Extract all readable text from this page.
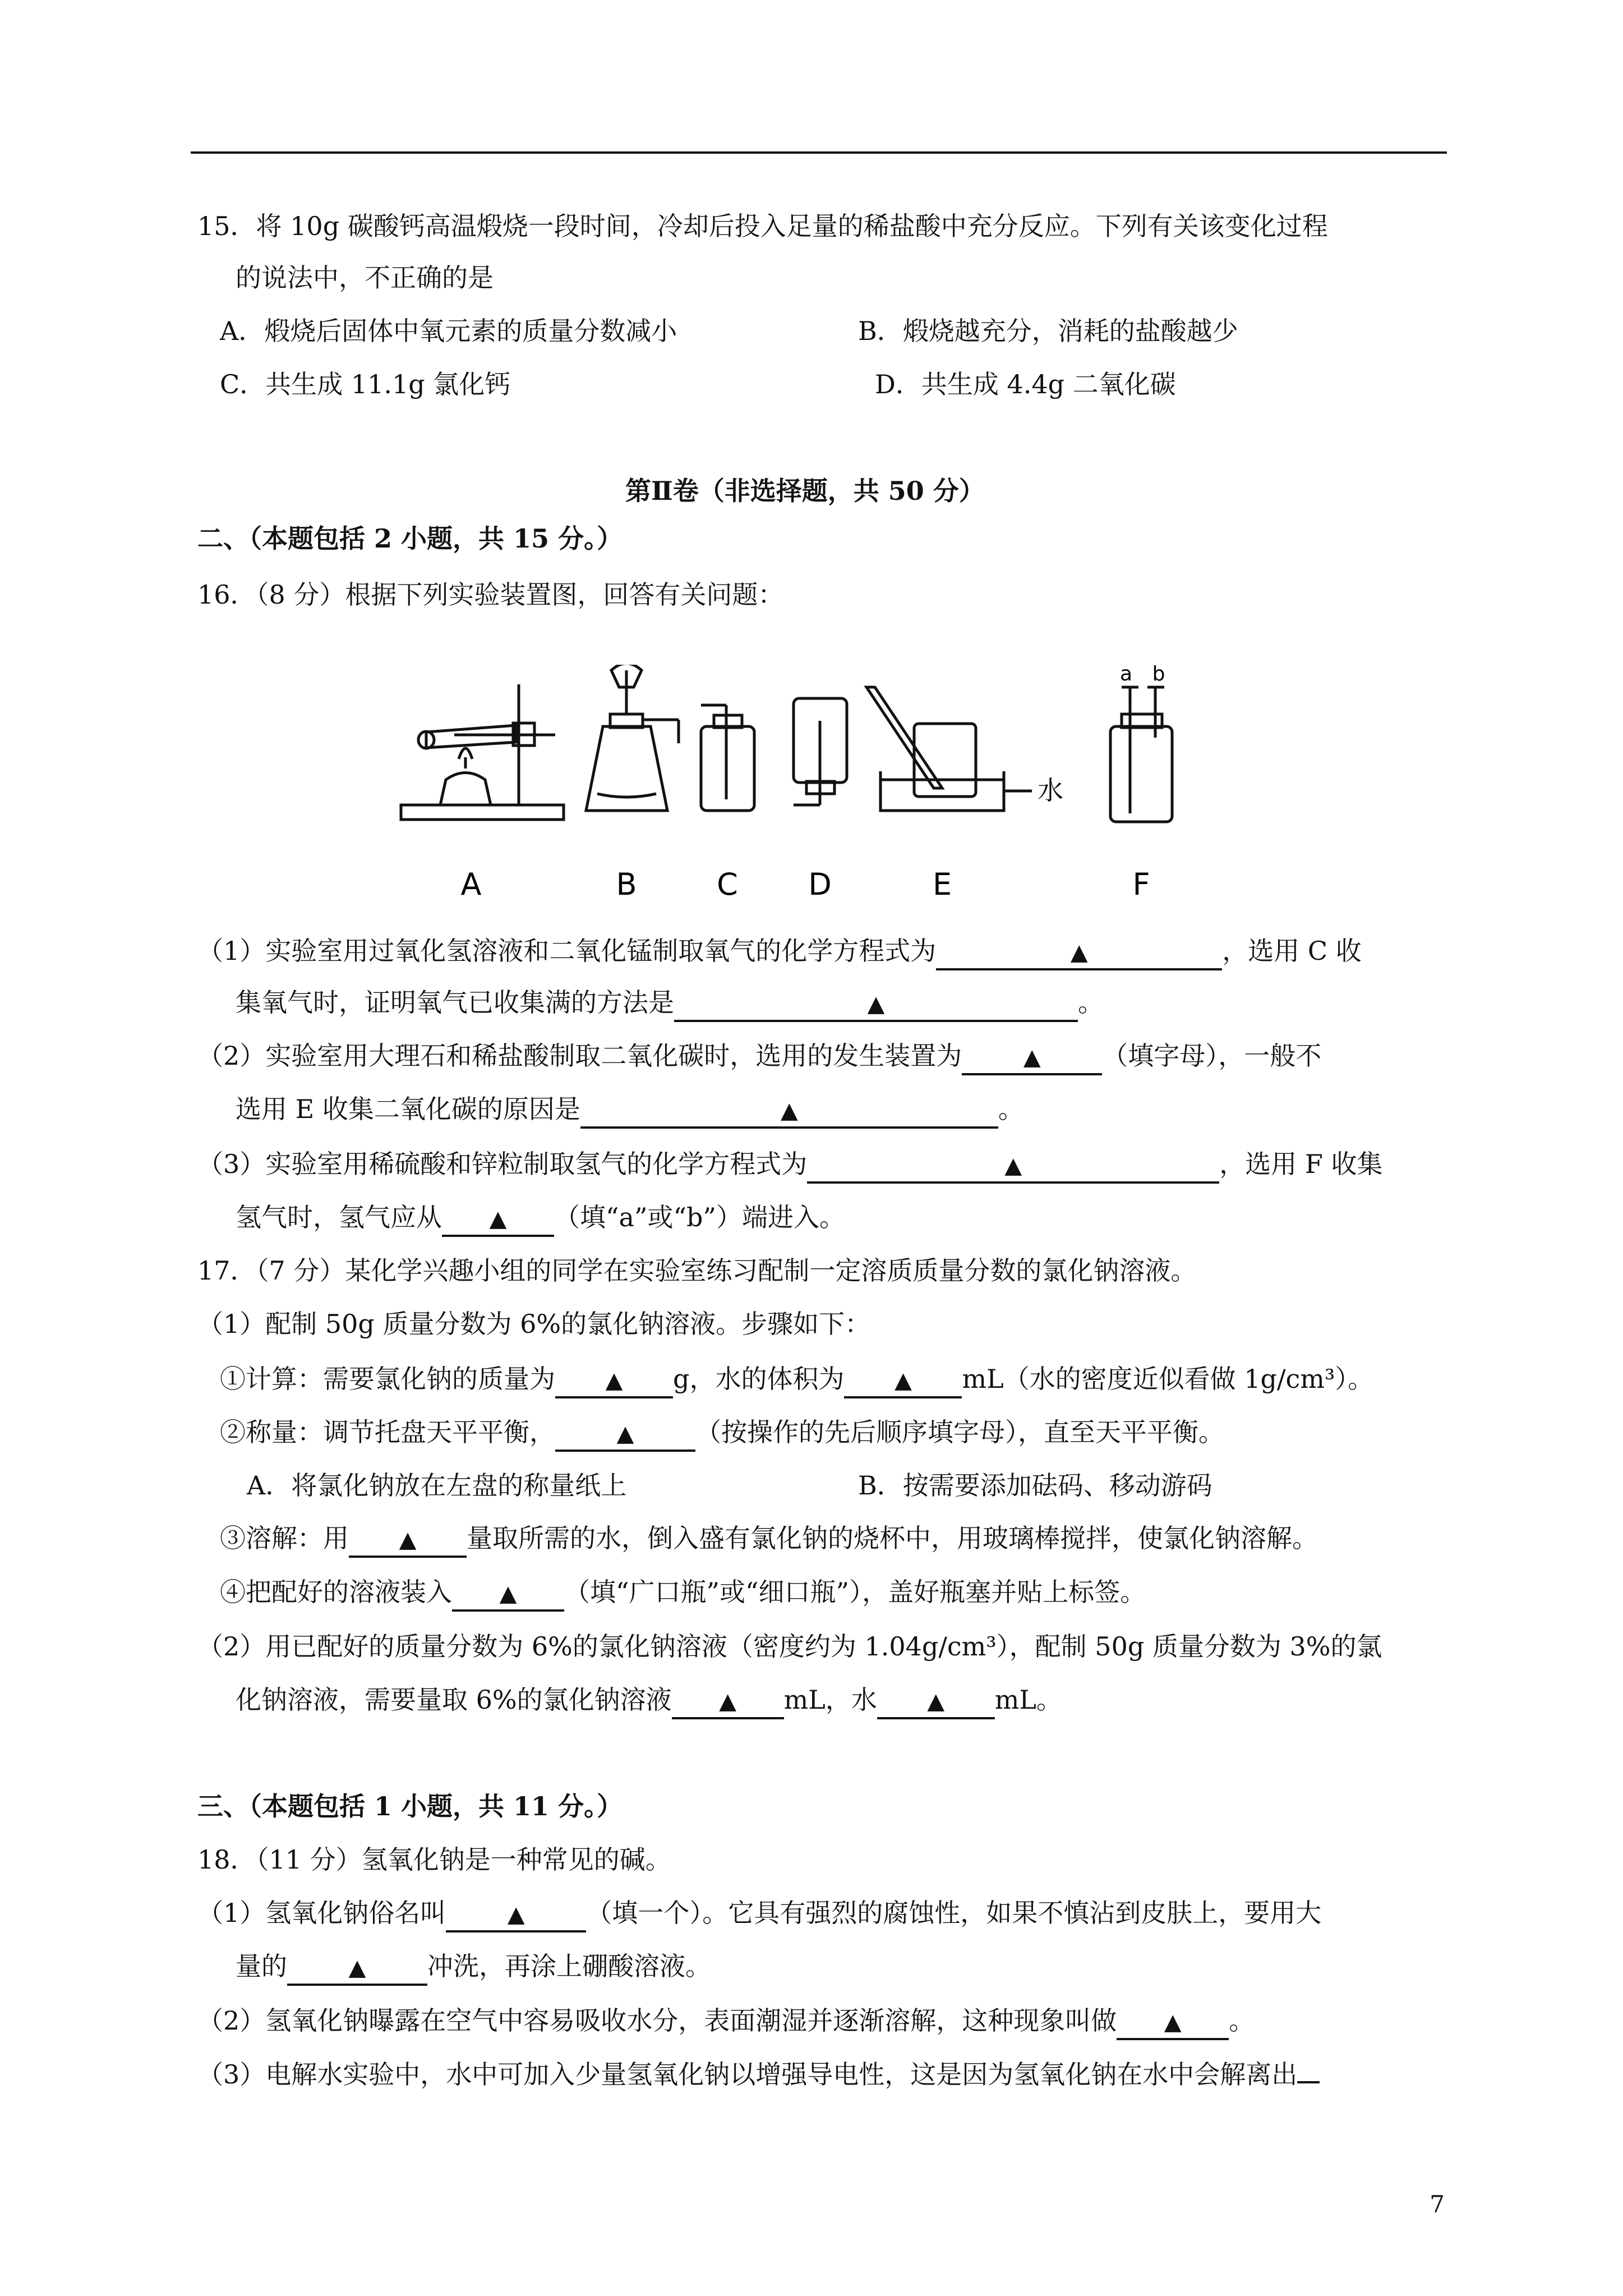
15．将 10g 碳酸钙高温煅烧一段时间，冷却后投入足量的稀盐酸中充分反应。下列有关该变化过程
的说法中，不正确的是
A．煅烧后固体中氧元素的质量分数减小	B．煅烧越充分，消耗的盐酸越少
C．共生成 11.1g 氯化钙	D．共生成 4.4g 二氧化碳
第Ⅱ卷（非选择题，共 50 分）
二、（本题包括 2 小题，共 15 分。）
16．（8 分）根据下列实验装置图，回答有关问题：
A	B	C D	E	F
水
a b
（1）实验室用过氧化氢溶液和二氧化锰制取氧气的化学方程式为	▲	，选用 C 收
集氧气时，证明氧气已收集满的方法是	▲	。
（2）实验室用大理石和稀盐酸制取二氧化碳时，选用的发生装置为	▲ （填字母），一般不
选用 E 收集二氧化碳的原因是	▲	。
（3）实验室用稀硫酸和锌粒制取氢气的化学方程式为	▲	，选用 F 收集
氢气时，氢气应从 ▲ （填“a”或“b”）端进入。
17．（7 分）某化学兴趣小组的同学在实验室练习配制一定溶质质量分数的氯化钠溶液。
（1）配制 50g 质量分数为 6%的氯化钠溶液。步骤如下：
①计算：需要氯化钠的质量为 ▲ g，水的体积为 ▲ mL（水的密度近似看做 1g/cm³）。
②称量：调节托盘天平平衡，	▲ （按操作的先后顺序填字母），直至天平平衡。
A．将氯化钠放在左盘的称量纸上	B．按需要添加砝码、移动游码
③溶解：用 ▲ 量取所需的水，倒入盛有氯化钠的烧杯中，用玻璃棒搅拌，使氯化钠溶解。
④把配好的溶液装入 ▲ （填“广口瓶”或“细口瓶”），盖好瓶塞并贴上标签。
（2）用已配好的质量分数为 6%的氯化钠溶液（密度约为 1.04g/cm³），配制 50g 质量分数为 3%的氯
化钠溶液，需要量取 6%的氯化钠溶液 ▲ mL，水 ▲ mL。
三、（本题包括 1 小题，共 11 分。）
18．（11 分）氢氧化钠是一种常见的碱。
（1）氢氧化钠俗名叫	▲ （填一个）。它具有强烈的腐蚀性，如果不慎沾到皮肤上，要用大
量的	▲ 冲洗，再涂上硼酸溶液。
（2）氢氧化钠曝露在空气中容易吸收水分，表面潮湿并逐渐溶解，这种现象叫做 ▲ 。
（3）电解水实验中，水中可加入少量氢氧化钠以增强导电性，这是因为氢氧化钠在水中会解离出
7
